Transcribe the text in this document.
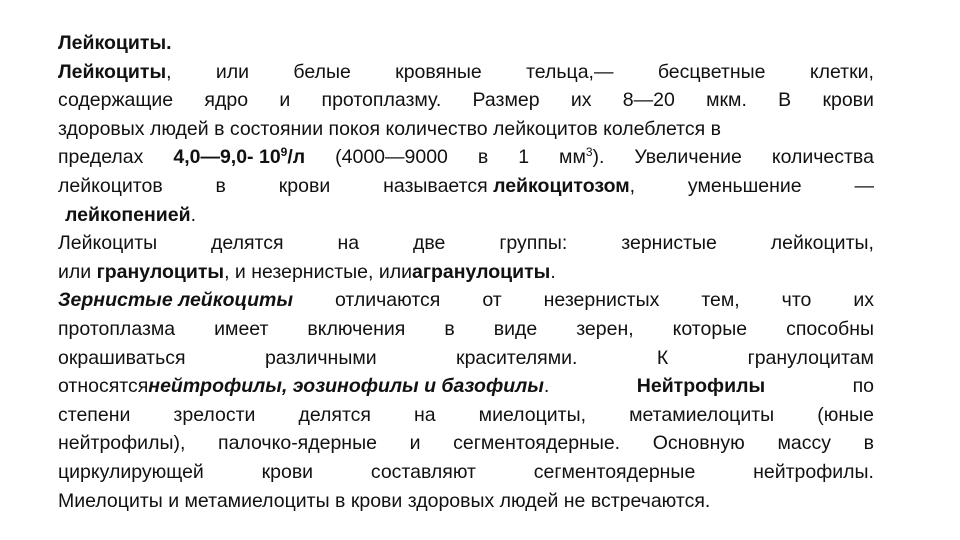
Лейкоциты.
Лейкоциты, или белые кровяные тельца,— бесцветные клетки,
содержащие ядро и протоплазму. Размер их 8—20 мкм. В крови
здоровых людей в состоянии покоя количество лейкоцитов колеблется в
пределах 4,0—9,0- $10^9/л$ (4000—9000 в 1 $мм^3$). Увеличение количества
лейкоцитов	в	крови	называется лейкоцитозом,	уменьшение	—
лейкопенией.
Лейкоциты	делятся	на	две	группы:	зернистые	лейкоциты,
или гранулоциты, и незернистые, илиагранулоциты.
Зернистые лейкоциты отличаются от незернистых тем, что их
протоплазма имеет включения в виде зерен, которые способны
окрашиваться	различными	красителями.	К	гранулоцитам
относятсянейтрофилы, эозинофилы и базофилы.	Нейтрофилы	по
степени зрелости делятся на миелоциты, метамиелоциты (юные
нейтрофилы), палочко-ядерные и сегментоядерные. Основную массу в
циркулирующей	крови	составляют	сегментоядерные	нейтрофилы.
Миелоциты и метамиелоциты в крови здоровых людей не встречаются.
